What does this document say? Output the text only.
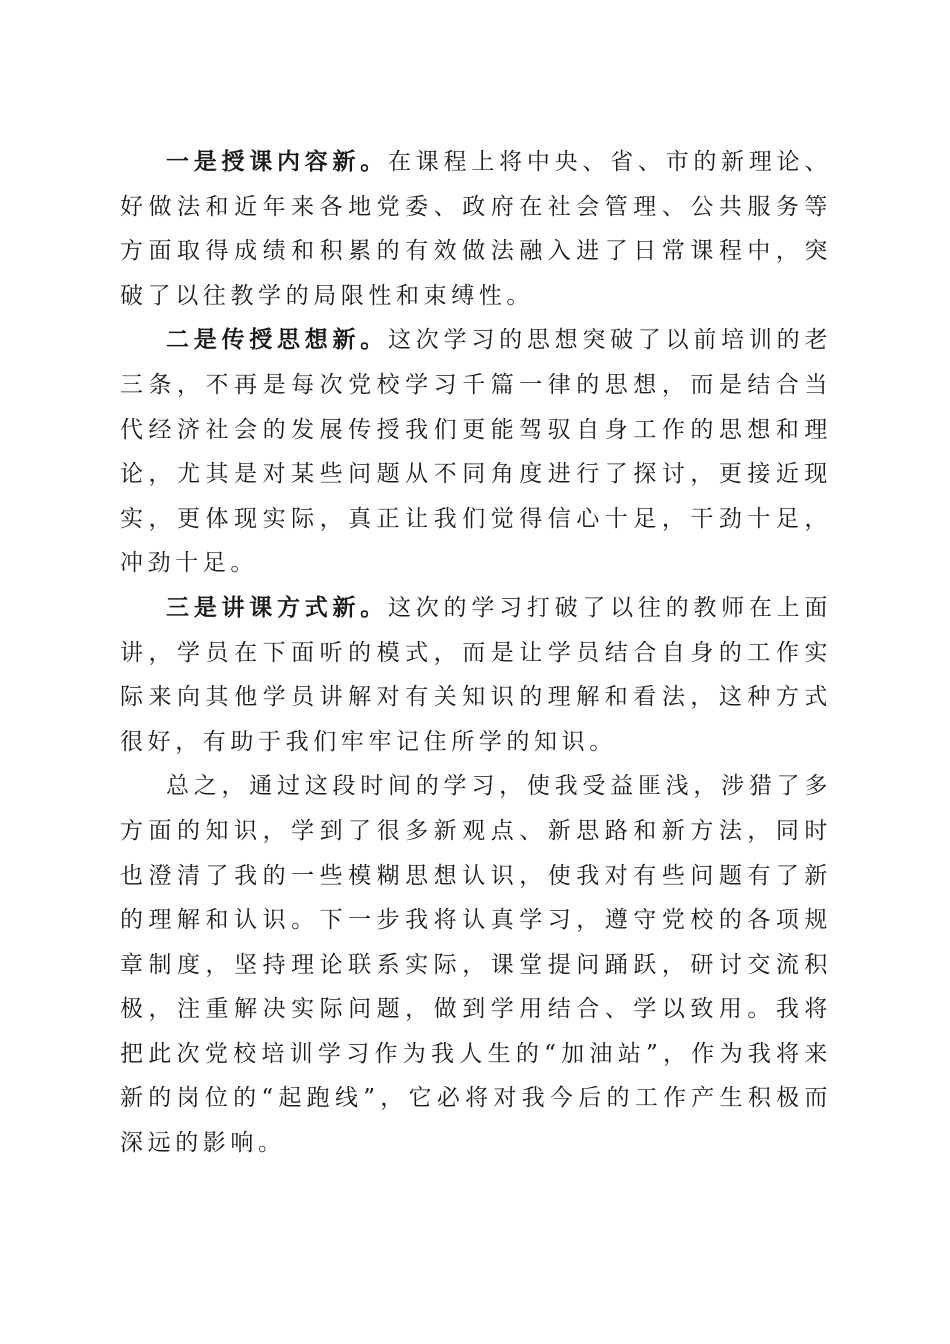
一是授课内容新。在课程上将中央、省、市的新理论、好做法和近年来各地党委、政府在社会管理、公共服务等方面取得成绩和积累的有效做法融入进了日常课程中，突破了以往教学的局限性和束缚性。

二是传授思想新。这次学习的思想突破了以前培训的老三条，不再是每次党校学习千篇一律的思想，而是结合当代经济社会的发展传授我们更能驾驭自身工作的思想和理论，尤其是对某些问题从不同角度进行了探讨，更接近现实，更体现实际，真正让我们觉得信心十足，干劲十足，冲劲十足。

三是讲课方式新。这次的学习打破了以往的教师在上面讲，学员在下面听的模式，而是让学员结合自身的工作实际来向其他学员讲解对有关知识的理解和看法，这种方式很好，有助于我们牢牢记住所学的知识。

总之，通过这段时间的学习，使我受益匪浅，涉猎了多方面的知识，学到了很多新观点、新思路和新方法，同时也澄清了我的一些模糊思想认识，使我对有些问题有了新的理解和认识。下一步我将认真学习，遵守党校的各项规章制度，坚持理论联系实际，课堂提问踊跃，研讨交流积极，注重解决实际问题，做到学用结合、学以致用。我将把此次党校培训学习作为我人生的“加油站”，作为我将来新的岗位的“起跑线”，它必将对我今后的工作产生积极而深远的影响。
